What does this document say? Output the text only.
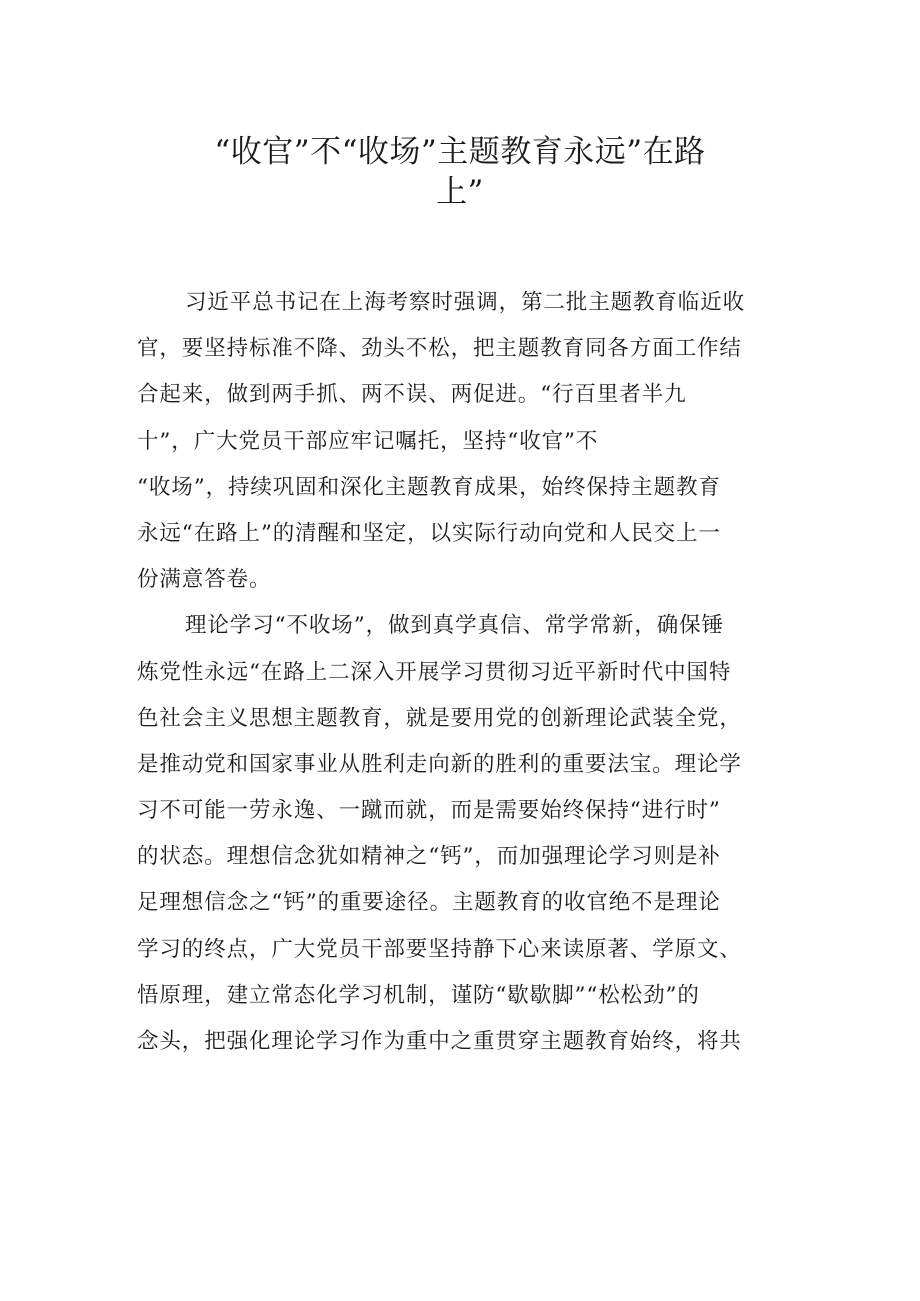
“收官”不“收场”主题教育永远”在路
上”
习近平总书记在上海考察时强调，第二批主题教育临近收
官，要坚持标准不降、劲头不松，把主题教育同各方面工作结
合起来，做到两手抓、两不误、两促进。“行百里者半九
十”，广大党员干部应牢记嘱托，坚持“收官”不
“收场”，持续巩固和深化主题教育成果，始终保持主题教育
永远“在路上”的清醒和坚定，以实际行动向党和人民交上一
份满意答卷。
理论学习“不收场”，做到真学真信、常学常新，确保锤
炼党性永远“在路上二深入开展学习贯彻习近平新时代中国特
色社会主义思想主题教育，就是要用党的创新理论武装全党，
是推动党和国家事业从胜利走向新的胜利的重要法宝。理论学
习不可能一劳永逸、一蹴而就，而是需要始终保持“进行时”
的状态。理想信念犹如精神之“钙”，而加强理论学习则是补
足理想信念之“钙”的重要途径。主题教育的收官绝不是理论
学习的终点，广大党员干部要坚持静下心来读原著、学原文、
悟原理，建立常态化学习机制，谨防“歇歇脚”“松松劲”的
念头，把强化理论学习作为重中之重贯穿主题教育始终，将共
